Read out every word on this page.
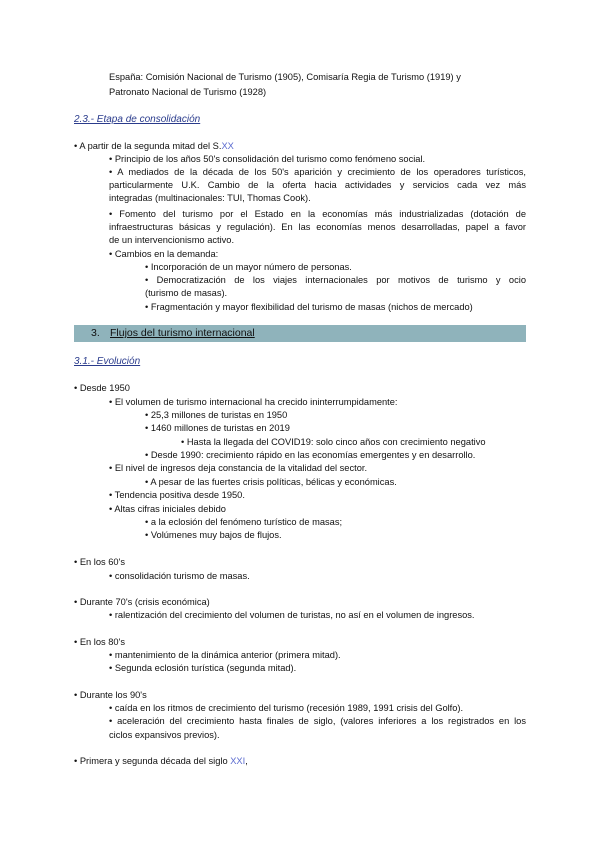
España: Comisión Nacional de Turismo (1905), Comisaría Regia de Turismo (1919) y
Patronato Nacional de Turismo (1928)
2.3.- Etapa de consolidación
• A partir de la segunda mitad del S.XX
• Principio de los años 50's consolidación del turismo como fenómeno social.
• A mediados de la década de los 50's aparición y crecimiento de los operadores turísticos,
particularmente U.K. Cambio de la oferta hacia actividades y servicios cada vez más
integradas (multinacionales: TUI, Thomas Cook).
• Fomento del turismo por el Estado en la economías más industrializadas (dotación de
infraestructuras básicas y regulación). En las economías menos desarrolladas, papel a favor
de un intervencionismo activo.
• Cambios en la demanda:
• Incorporación de un mayor número de personas.
• Democratización de los viajes internacionales por motivos de turismo y ocio
(turismo de masas).
• Fragmentación y mayor flexibilidad del turismo de masas (nichos de mercado)
3. Flujos del turismo internacional
3.1.- Evolución
• Desde 1950
• El volumen de turismo internacional ha crecido ininterrumpidamente:
• 25,3 millones de turistas en 1950
• 1460 millones de turistas en 2019
• Hasta la llegada del COVID19: solo cinco años con crecimiento negativo
• Desde 1990: crecimiento rápido en las economías emergentes y en desarrollo.
• El nivel de ingresos deja constancia de la vitalidad del sector.
• A pesar de las fuertes crisis políticas, bélicas y económicas.
• Tendencia positiva desde 1950.
• Altas cifras iniciales debido
• a la eclosión del fenómeno turístico de masas;
• Volúmenes muy bajos de flujos.
• En los 60's
• consolidación turismo de masas.
• Durante 70's (crisis económica)
• ralentización del crecimiento del volumen de turistas, no así en el volumen de ingresos.
• En los 80's
• mantenimiento de la dinámica anterior (primera mitad).
• Segunda eclosión turística (segunda mitad).
• Durante los 90's
• caída en los ritmos de crecimiento del turismo (recesión 1989, 1991 crisis del Golfo).
• aceleración del crecimiento hasta finales de siglo, (valores inferiores a los registrados en los
ciclos expansivos previos).
• Primera y segunda década del siglo XXI,
